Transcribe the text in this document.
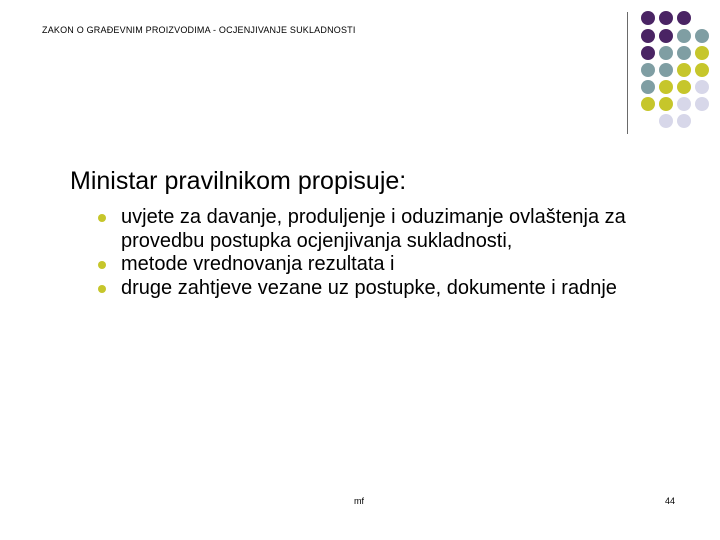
ZAKON O GRAĐEVNIM PROIZVODIMA - OCJENJIVANJE SUKLADNOSTI
Ministar pravilnikom propisuje:
uvjete za davanje, produljenje i oduzimanje ovlaštenja za provedbu postupka ocjenjivanja sukladnosti,
metode vrednovanja rezultata i
druge zahtjeve vezane uz postupke, dokumente i radnje
mf	44
